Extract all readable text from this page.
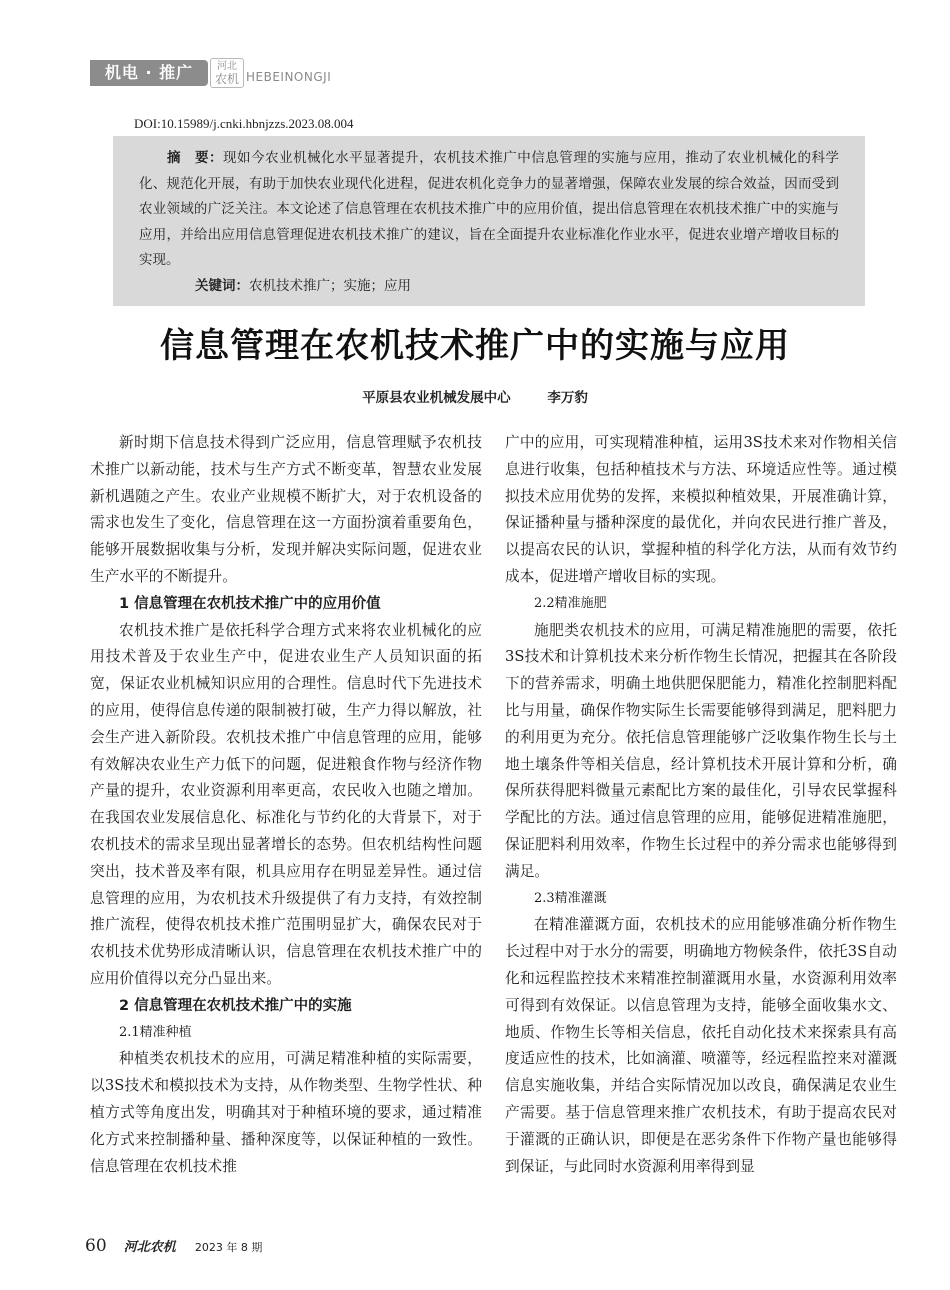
机电 · 推广	河北
农机 HEBEINONGJI
DOI:10.15989/j.cnki.hbnjzzs.2023.08.004

摘　要：现如今农业机械化水平显著提升，农机技术推广中信息管理的实施与应用，推动了农业机械化的科学化、规范化开展，有助于加快农业现代化进程，促进农机化竞争力的显著增强，保障农业发展的综合效益，因而受到农业领域的广泛关注。本文论述了信息管理在农机技术推广中的应用价值，提出信息管理在农机技术推广中的实施与应用，并给出应用信息管理促进农机技术推广的建议，旨在全面提升农业标准化作业水平，促进农业增产增收目标的实现。

关键词：农机技术推广；实施；应用

信息管理在农机技术推广中的实施与应用
平原县农业机械发展中心	李万豹

新时期下信息技术得到广泛应用，信息管理赋予农机技术推广以新动能，技术与生产方式不断变革，智慧农业发展新机遇随之产生。农业产业规模不断扩大，对于农机设备的需求也发生了变化，信息管理在这一方面扮演着重要角色，能够开展数据收集与分析，发现并解决实际问题，促进农业生产水平的不断提升。

1 信息管理在农机技术推广中的应用价值

农机技术推广是依托科学合理方式来将农业机械化的应用技术普及于农业生产中，促进农业生产人员知识面的拓宽，保证农业机械知识应用的合理性。信息时代下先进技术的应用，使得信息传递的限制被打破，生产力得以解放，社会生产进入新阶段。农机技术推广中信息管理的应用，能够有效解决农业生产力低下的问题，促进粮食作物与经济作物产量的提升，农业资源利用率更高，农民收入也随之增加。在我国农业发展信息化、标准化与节约化的大背景下，对于农机技术的需求呈现出显著增长的态势。但农机结构性问题突出，技术普及率有限，机具应用存在明显差异性。通过信息管理的应用，为农机技术升级提供了有力支持，有效控制推广流程，使得农机技术推广范围明显扩大，确保农民对于农机技术优势形成清晰认识，信息管理在农机技术推广中的应用价值得以充分凸显出来。

2 信息管理在农机技术推广中的实施
2.1精准种植

种植类农机技术的应用，可满足精准种植的实际需要，以3S技术和模拟技术为支持，从作物类型、生物学性状、种植方式等角度出发，明确其对于种植环境的要求，通过精准化方式来控制播种量、播种深度等，以保证种植的一致性。信息管理在农机技术推

广中的应用，可实现精准种植，运用3S技术来对作物相关信息进行收集，包括种植技术与方法、环境适应性等。通过模拟技术应用优势的发挥，来模拟种植效果，开展准确计算，保证播种量与播种深度的最优化，并向农民进行推广普及，以提高农民的认识，掌握种植的科学化方法，从而有效节约成本，促进增产增收目标的实现。

2.2精准施肥

施肥类农机技术的应用，可满足精准施肥的需要，依托3S技术和计算机技术来分析作物生长情况，把握其在各阶段下的营养需求，明确土地供肥保肥能力，精准化控制肥料配比与用量，确保作物实际生长需要能够得到满足，肥料肥力的利用更为充分。依托信息管理能够广泛收集作物生长与土地土壤条件等相关信息，经计算机技术开展计算和分析，确保所获得肥料微量元素配比方案的最佳化，引导农民掌握科学配比的方法。通过信息管理的应用，能够促进精准施肥，保证肥料利用效率，作物生长过程中的养分需求也能够得到满足。

2.3精准灌溉

在精准灌溉方面，农机技术的应用能够准确分析作物生长过程中对于水分的需要，明确地方物候条件，依托3S自动化和远程监控技术来精准控制灌溉用水量，水资源利用效率可得到有效保证。以信息管理为支持，能够全面收集水文、地质、作物生长等相关信息，依托自动化技术来探索具有高度适应性的技术，比如滴灌、喷灌等，经远程监控来对灌溉信息实施收集，并结合实际情况加以改良，确保满足农业生产需要。基于信息管理来推广农机技术，有助于提高农民对于灌溉的正确认识，即便是在恶劣条件下作物产量也能够得到保证，与此同时水资源利用率得到显

60 河北农机 2023 年 8 期
